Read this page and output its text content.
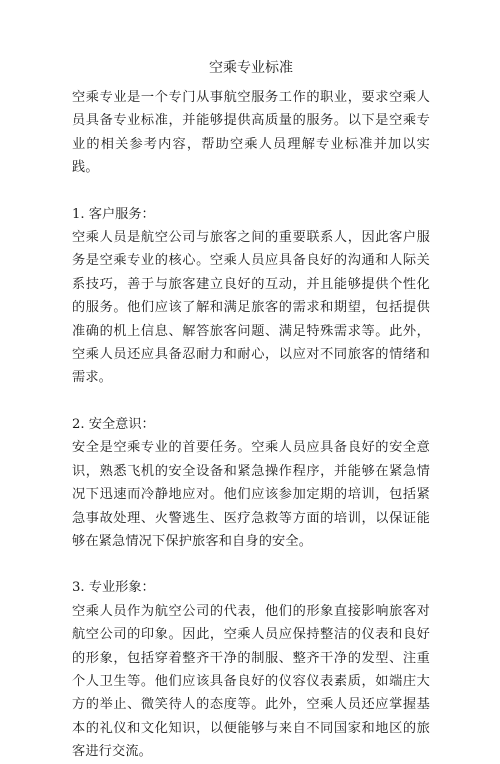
空乘专业标准

空乘专业是一个专门从事航空服务工作的职业，要求空乘人员具备专业标准，并能够提供高质量的服务。以下是空乘专业的相关参考内容，帮助空乘人员理解专业标准并加以实践。

1. 客户服务：

空乘人员是航空公司与旅客之间的重要联系人，因此客户服务是空乘专业的核心。空乘人员应具备良好的沟通和人际关系技巧，善于与旅客建立良好的互动，并且能够提供个性化的服务。他们应该了解和满足旅客的需求和期望，包括提供准确的机上信息、解答旅客问题、满足特殊需求等。此外，空乘人员还应具备忍耐力和耐心，以应对不同旅客的情绪和需求。

2. 安全意识：

安全是空乘专业的首要任务。空乘人员应具备良好的安全意识，熟悉飞机的安全设备和紧急操作程序，并能够在紧急情况下迅速而冷静地应对。他们应该参加定期的培训，包括紧急事故处理、火警逃生、医疗急救等方面的培训，以保证能够在紧急情况下保护旅客和自身的安全。

3. 专业形象：

空乘人员作为航空公司的代表，他们的形象直接影响旅客对航空公司的印象。因此，空乘人员应保持整洁的仪表和良好的形象，包括穿着整齐干净的制服、整齐干净的发型、注重个人卫生等。他们应该具备良好的仪容仪表素质，如端庄大方的举止、微笑待人的态度等。此外，空乘人员还应掌握基本的礼仪和文化知识，以便能够与来自不同国家和地区的旅客进行交流。
